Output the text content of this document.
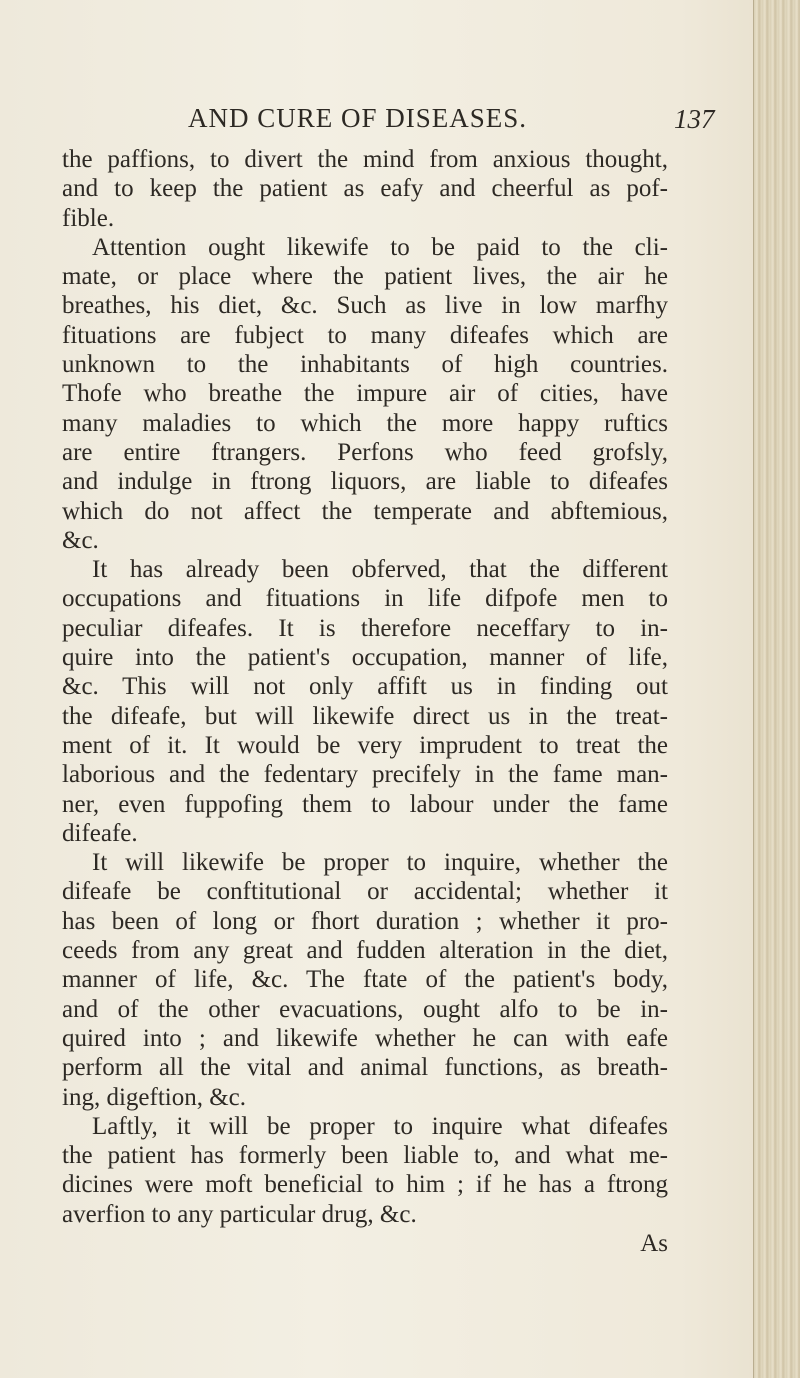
AND CURE OF DISEASES.	137
the paffions, to divert the mind from anxious thought,
and to keep the patient as eafy and cheerful as pof-
fible.
Attention ought likewife to be paid to the cli-
mate, or place where the patient lives, the air he
breathes, his diet, &c. Such as live in low marfhy
fituations are fubject to many difeafes which are
unknown to the inhabitants of high countries.
Thofe who breathe the impure air of cities, have
many maladies to which the more happy ruftics
are entire ftrangers. Perfons who feed grofsly,
and indulge in ftrong liquors, are liable to difeafes
which do not affect the temperate and abftemious,
&c.
It has already been obferved, that the different
occupations and fituations in life difpofe men to
peculiar difeafes. It is therefore neceffary to in-
quire into the patient's occupation, manner of life,
&c. This will not only affift us in finding out
the difeafe, but will likewife direct us in the treat-
ment of it. It would be very imprudent to treat the
laborious and the fedentary precifely in the fame man-
ner, even fuppofing them to labour under the fame
difeafe.
It will likewife be proper to inquire, whether the
difeafe be conftitutional or accidental; whether it
has been of long or fhort duration ; whether it pro-
ceeds from any great and fudden alteration in the diet,
manner of life, &c. The ftate of the patient's body,
and of the other evacuations, ought alfo to be in-
quired into ; and likewife whether he can with eafe
perform all the vital and animal functions, as breath-
ing, digeftion, &c.
Laftly, it will be proper to inquire what difeafes
the patient has formerly been liable to, and what me-
dicines were moft beneficial to him ; if he has a ftrong
averfion to any particular drug, &c.
As
